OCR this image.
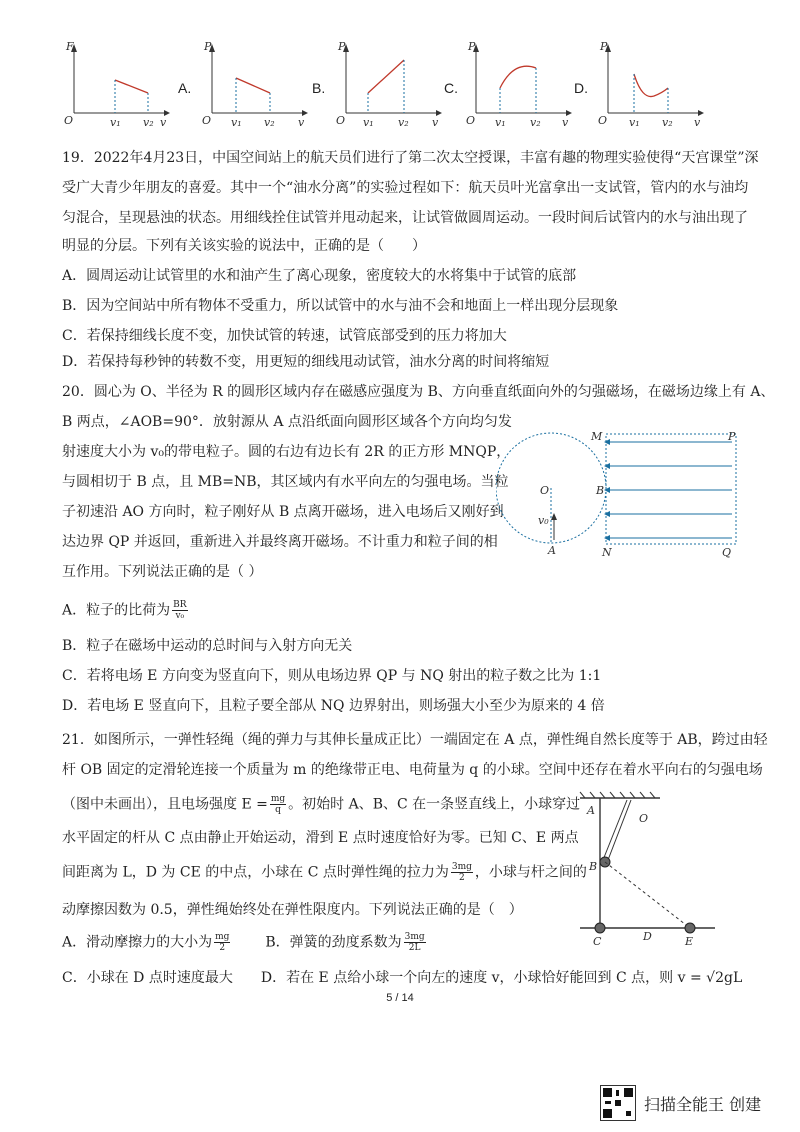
F
O	v₁ v₂ v
A.
P
O v₁ v₂ v
B.
P
O v₁ v₂ v
C.
P
O v₁ v₂ v
D.
P
O v₁ v₂ v
19．2022年4月23日，中国空间站上的航天员们进行了第二次太空授课，丰富有趣的物理实验使得“天宫课堂”深
受广大青少年朋友的喜爱。其中一个“油水分离”的实验过程如下：航天员叶光富拿出一支试管，管内的水与油均
匀混合，呈现悬浊的状态。用细线拴住试管并甩动起来，让试管做圆周运动。一段时间后试管内的水与油出现了
明显的分层。下列有关该实验的说法中，正确的是（　　）
A．圆周运动让试管里的水和油产生了离心现象，密度较大的水将集中于试管的底部
B．因为空间站中所有物体不受重力，所以试管中的水与油不会和地面上一样出现分层现象
C．若保持细线长度不变，加快试管的转速，试管底部受到的压力将加大
D．若保持每秒钟的转数不变，用更短的细线甩动试管，油水分离的时间将缩短
20．圆心为 O、半径为 R 的圆形区域内存在磁感应强度为 B、方向垂直纸面向外的匀强磁场，在磁场边缘上有 A、
B 两点，∠AOB=90°．放射源从 A 点沿纸面向圆形区域各个方向均匀发
射速度大小为 v₀的带电粒子。圆的右边有边长有 2R 的正方形 MNQP，
与圆相切于 B 点，且 MB=NB，其区域内有水平向左的匀强电场。当粒
子初速沿 AO 方向时，粒子刚好从 B 点离开磁场，进入电场后又刚好到
达边界 QP 并返回，重新进入并最终离开磁场。不计重力和粒子间的相
互作用。下列说法正确的是（ ）
A．粒子的比荷为 $\frac{BR}{\text{v₀}}$
B．粒子在磁场中运动的总时间与入射方向无关
C．若将电场 E 方向变为竖直向下，则从电场边界 QP 与 NQ 射出的粒子数之比为 1:1
D．若电场 E 竖直向下，且粒子要全部从 NQ 边界射出，则场强大小至少为原来的 4 倍
M	P
O	B
v₀
A	N	Q
21．如图所示，一弹性轻绳（绳的弹力与其伸长量成正比）一端固定在 A 点，弹性绳自然长度等于 AB，跨过由轻
杆 OB 固定的定滑轮连接一个质量为 m 的绝缘带正电、电荷量为 q 的小球。空间中还存在着水平向右的匀强电场
（图中未画出），且电场强度 $E = \frac{mg}{q}$ 。初始时 A、B、C 在一条竖直线上，小球穿过
水平固定的杆从 C 点由静止开始运动，滑到 E 点时速度恰好为零。已知 C、E 两点
间距离为 L，D 为 CE 的中点，小球在 C 点时弹性绳的拉力为 $\frac{3mg}{2}$ ，小球与杆之间的
动摩擦因数为 0.5，弹性绳始终处在弹性限度内。下列说法正确的是（　）
A．滑动摩擦力的大小为 $\frac{mg}{2}$ B．弹簧的劲度系数为 $\frac{3mg}{2L}$
C．小球在 D 点时速度最大 D．若在 E 点给小球一个向左的速度 v，小球恰好能回到 C 点，则 v = √2gL
A
O
B
C	D	E
5 / 14
扫描全能王 创建
